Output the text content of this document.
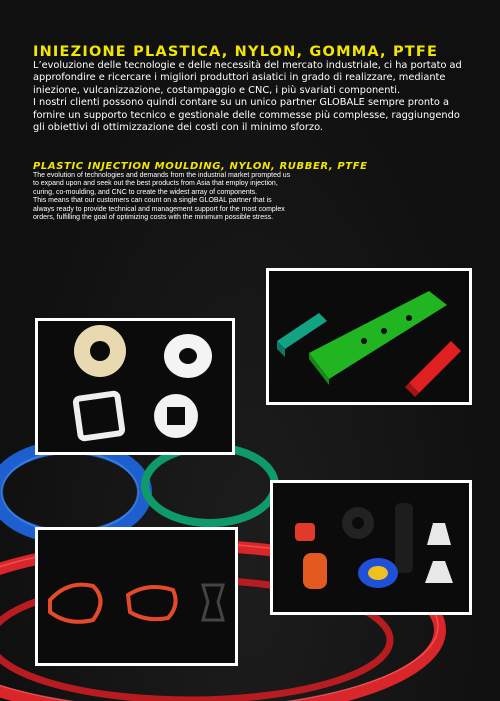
INIEZIONE PLASTICA, NYLON, GOMMA, PTFE
L’evoluzione delle tecnologie e delle necessità del mercato industriale, ci ha portato ad approfondire e ricercare i migliori produttori asiatici in grado di realizzare, mediante iniezione, vulcanizzazione, costampaggio e CNC, i più svariati componenti.
I nostri clienti possono quindi contare su un unico partner GLOBALE sempre pronto a fornire un supporto tecnico e gestionale delle commesse più complesse, raggiungendo gli obiettivi di ottimizzazione dei costi con il minimo sforzo.
PLASTIC INJECTION MOULDING, NYLON, RUBBER, PTFE
The evolution of technologies and demands from the industrial market prompted us to expand upon and seek out the best products from Asia that employ injection, curing, co-moulding, and CNC to create the widest array of components.
This means that our customers can count on a single GLOBAL partner that is always ready to provide technical and management support for the most complex orders, fulfilling the goal of optimizing costs with the minimum possible stress.
